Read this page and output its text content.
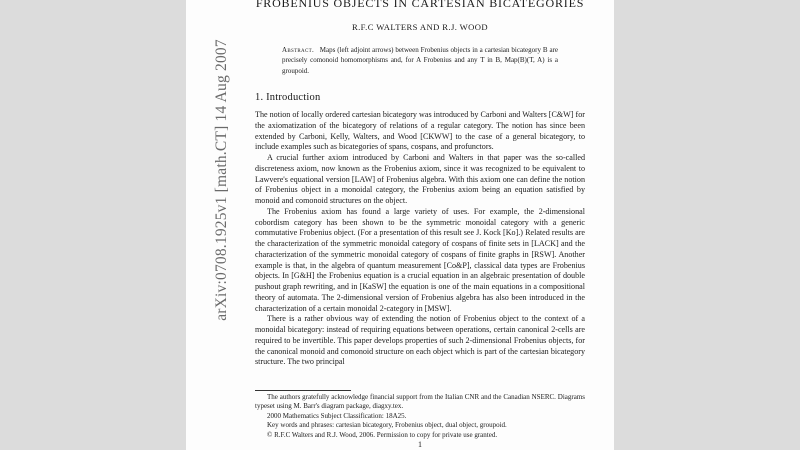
arXiv:0708.1925v1 [math.CT] 14 Aug 2007
FROBENIUS OBJECTS IN CARTESIAN BICATEGORIES
R.F.C WALTERS AND R.J. WOOD
Abstract. Maps (left adjoint arrows) between Frobenius objects in a cartesian bicategory B are precisely comonoid homomorphisms and, for A Frobenius and any T in B, Map(B)(T, A) is a groupoid.
1. Introduction

The notion of locally ordered cartesian bicategory was introduced by Carboni and Walters [C&W] for the axiomatization of the bicategory of relations of a regular category. The notion has since been extended by Carboni, Kelly, Walters, and Wood [CKWW] to the case of a general bicategory, to include examples such as bicategories of spans, cospans, and profunctors.

A crucial further axiom introduced by Carboni and Walters in that paper was the so-called discreteness axiom, now known as the Frobenius axiom, since it was recognized to be equivalent to Lawvere's equational version [LAW] of Frobenius algebra. With this axiom one can define the notion of Frobenius object in a monoidal category, the Frobenius axiom being an equation satisfied by monoid and comonoid structures on the object.

The Frobenius axiom has found a large variety of uses. For example, the 2-dimensional cobordism category has been shown to be the symmetric monoidal category with a generic commutative Frobenius object. (For a presentation of this result see J. Kock [Ko].) Related results are the characterization of the symmetric monoidal category of cospans of finite sets in [LACK] and the characterization of the symmetric monoidal category of cospans of finite graphs in [RSW]. Another example is that, in the algebra of quantum measurement [Co&P], classical data types are Frobenius objects. In [G&H] the Frobenius equation is a crucial equation in an algebraic presentation of double pushout graph rewriting, and in [KaSW] the equation is one of the main equations in a compositional theory of automata. The 2-dimensional version of Frobenius algebra has also been introduced in the characterization of a certain monoidal 2-category in [MSW].

There is a rather obvious way of extending the notion of Frobenius object to the context of a monoidal bicategory: instead of requiring equations between operations, certain canonical 2-cells are required to be invertible. This paper develops properties of such 2-dimensional Frobenius objects, for the canonical monoid and comonoid structure on each object which is part of the cartesian bicategory structure. The two principal

The authors gratefully acknowledge financial support from the Italian CNR and the Canadian NSERC. Diagrams typeset using M. Barr's diagram package, diagxy.tex.

2000 Mathematics Subject Classification: 18A25.

Key words and phrases: cartesian bicategory, Frobenius object, dual object, groupoid.

© R.F.C Walters and R.J. Wood, 2006. Permission to copy for private use granted.

1
